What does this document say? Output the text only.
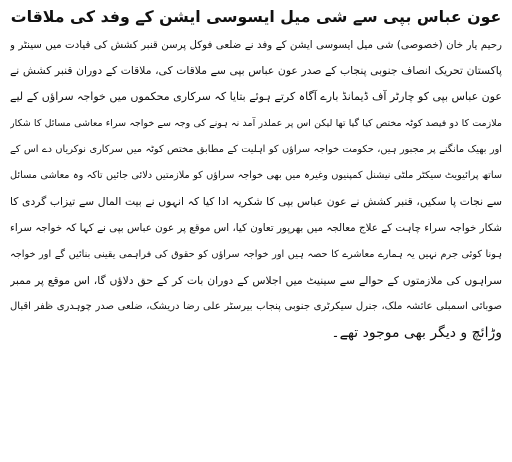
عون عباس بپی سے شی میل ایسوسی ایشن کے وفد کی ملاقات
رحیم یار خان (خصوصی) شی میل ایسوسی ایشن کے وفد نے ضلعی فوکل پرسن قنبر کشش کی قیادت میں سینٹر و
پاکستان تحریک انصاف جنوبی پنجاب کے صدر عون عباس بپی سے ملاقات کی، ملاقات کے دوران قنبر کشش نے
عون عباس بپی کو چارٹر آف ڈیمانڈ بارے آگاہ کرتے ہوئے بتایا کہ سرکاری محکموں میں خواجہ سراؤں کے لیے
ملازمت کا دو فیصد کوٹہ مختص کیا گیا تھا لیکن اس پر عملدر آمد نہ ہونے کی وجہ سے خواجہ سراء معاشی مسائل کا شکار
اور بھیک مانگنے پر مجبور ہیں، حکومت خواجہ سراؤں کو اہلیت کے مطابق مختص کوٹہ میں سرکاری نوکریاں دے اس کے
ساتھ پرائیویٹ سیکٹر ملٹی نیشنل کمپنیوں وغیرہ میں بھی خواجہ سراؤں کو ملازمتیں دلائی جائیں تاکہ وہ معاشی مسائل
سے نجات پا سکیں، قنبر کشش نے عون عباس بپی کا شکریہ ادا کیا کہ انہوں نے بیت المال سے تیزاب گردی کا
شکار خواجہ سراء چاہت کے علاج معالجہ میں بھرپور تعاون کیا، اس موقع پر عون عباس بپی نے کہا کہ خواجہ سراء
ہونا کوئی جرم نہیں یہ ہمارے معاشرے کا حصہ ہیں اور خواجہ سراؤں کو حقوق کی فراہمی یقینی بنائیں گے اور خواجہ
سراہوں کی ملازمتوں کے حوالے سے سینیٹ میں اجلاس کے دوران بات کر کے حق دلاؤں گا، اس موقع پر ممبر
صوبائی اسمبلی عائشہ ملک، جنرل سیکرٹری جنوبی پنجاب بیرسٹر علی رضا دریشک، ضلعی صدر چوہدری ظفر اقبال
وڑائچ و دیگر بھی موجود تھے۔
